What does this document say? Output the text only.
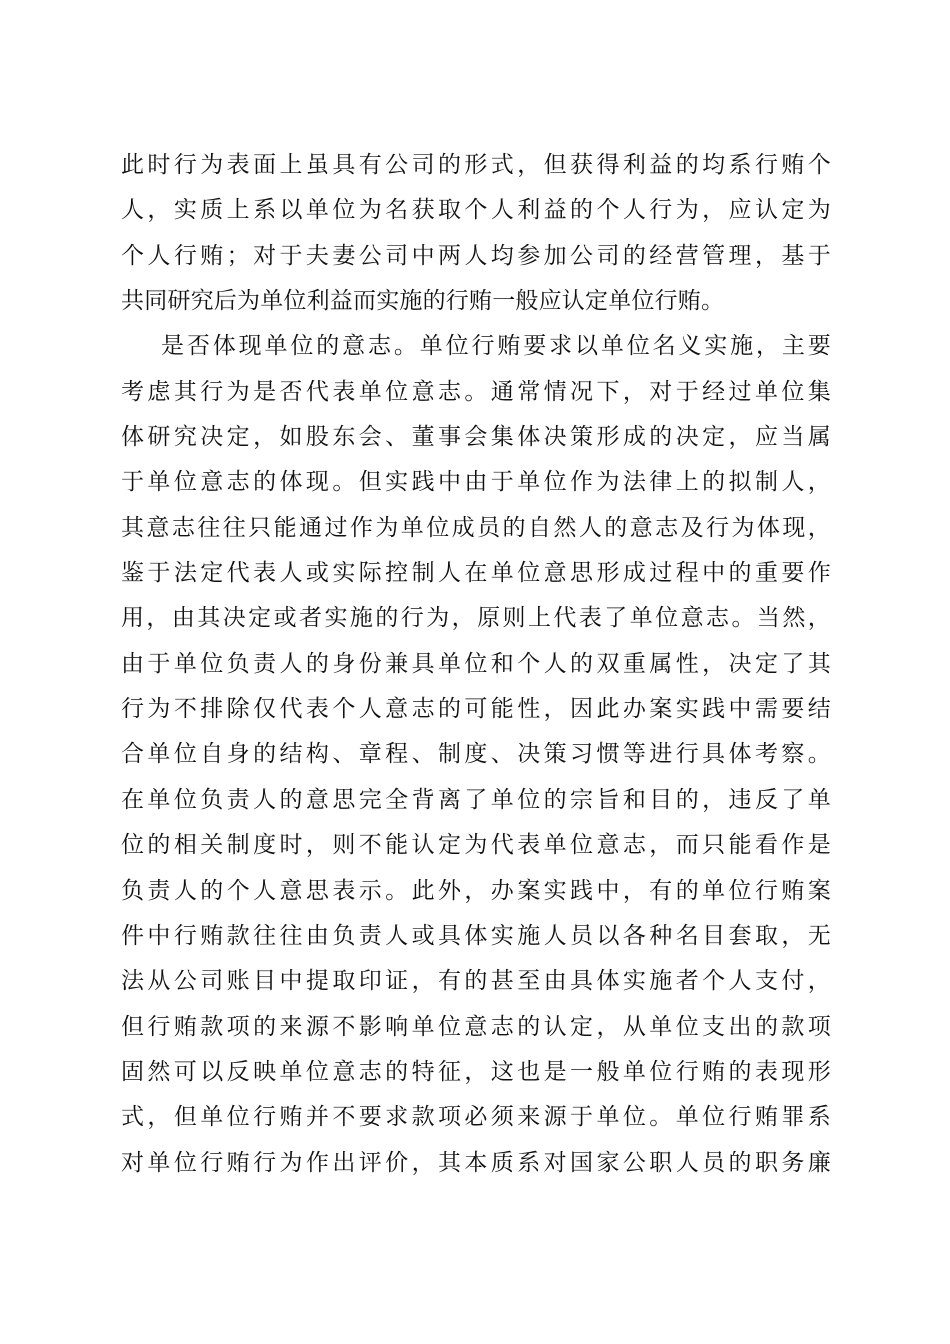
此时行为表面上虽具有公司的形式，但获得利益的均系行贿个
人，实质上系以单位为名获取个人利益的个人行为，应认定为
个人行贿；对于夫妻公司中两人均参加公司的经营管理，基于
共同研究后为单位利益而实施的行贿一般应认定单位行贿。
是否体现单位的意志。单位行贿要求以单位名义实施，主要
考虑其行为是否代表单位意志。通常情况下，对于经过单位集
体研究决定，如股东会、董事会集体决策形成的决定，应当属
于单位意志的体现。但实践中由于单位作为法律上的拟制人，
其意志往往只能通过作为单位成员的自然人的意志及行为体现，
鉴于法定代表人或实际控制人在单位意思形成过程中的重要作
用，由其决定或者实施的行为，原则上代表了单位意志。当然，
由于单位负责人的身份兼具单位和个人的双重属性，决定了其
行为不排除仅代表个人意志的可能性，因此办案实践中需要结
合单位自身的结构、章程、制度、决策习惯等进行具体考察。
在单位负责人的意思完全背离了单位的宗旨和目的，违反了单
位的相关制度时，则不能认定为代表单位意志，而只能看作是
负责人的个人意思表示。此外，办案实践中，有的单位行贿案
件中行贿款往往由负责人或具体实施人员以各种名目套取，无
法从公司账目中提取印证，有的甚至由具体实施者个人支付，
但行贿款项的来源不影响单位意志的认定，从单位支出的款项
固然可以反映单位意志的特征，这也是一般单位行贿的表现形
式，但单位行贿并不要求款项必须来源于单位。单位行贿罪系
对单位行贿行为作出评价，其本质系对国家公职人员的职务廉
